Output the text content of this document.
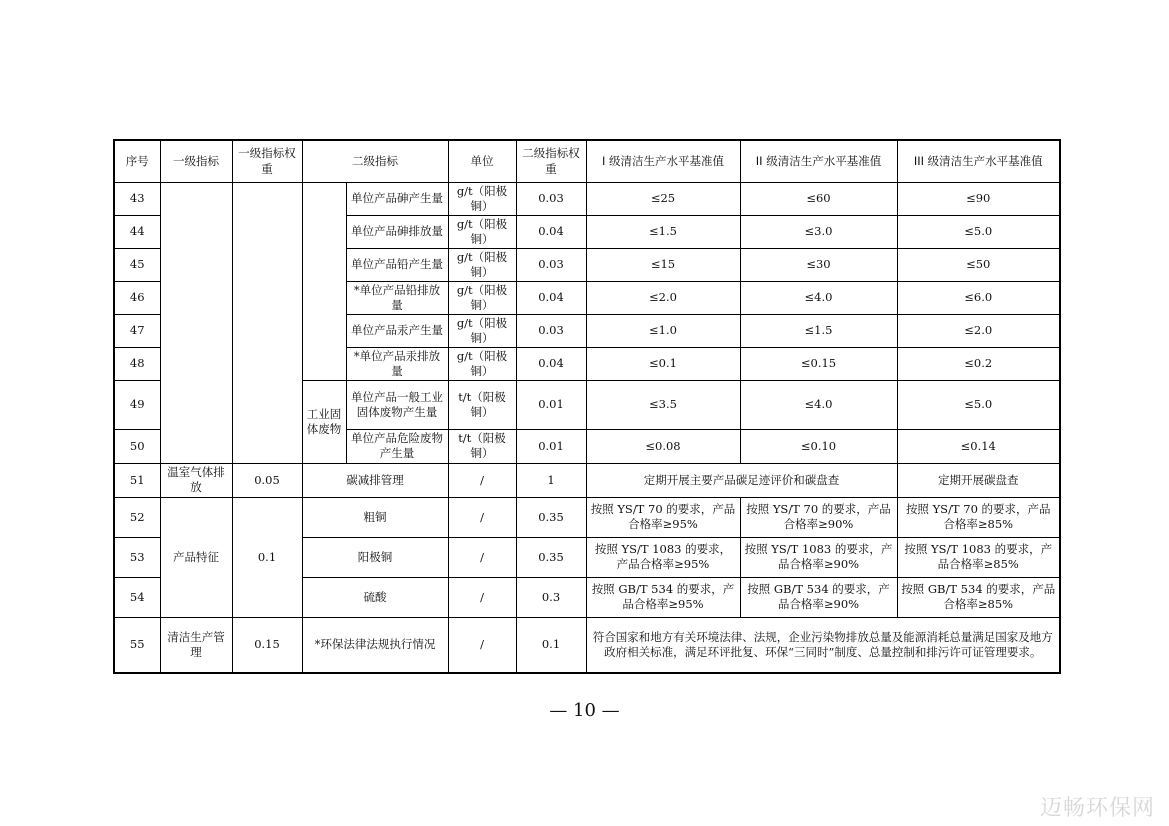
序号	一级指标	一级指标权重	二级指标		单位	二级指标权重	I 级清洁生产水平基准值	II 级清洁生产水平基准值	III 级清洁生产水平基准值
43				单位产品砷产生量	g/t（阳极铜）	0.03	≤25	≤60	≤90
44				单位产品砷排放量	g/t（阳极铜）	0.04	≤1.5	≤3.0	≤5.0
45				单位产品铅产生量	g/t（阳极铜）	0.03	≤15	≤30	≤50
46				*单位产品铅排放量	g/t（阳极铜）	0.04	≤2.0	≤4.0	≤6.0
47				单位产品汞产生量	g/t（阳极铜）	0.03	≤1.0	≤1.5	≤2.0
48				*单位产品汞排放量	g/t（阳极铜）	0.04	≤0.1	≤0.15	≤0.2
49			工业固体废物	单位产品一般工业固体废物产生量	t/t（阳极铜）	0.01	≤3.5	≤4.0	≤5.0
50				单位产品危险废物产生量	t/t（阳极铜）	0.01	≤0.08	≤0.10	≤0.14
51	温室气体排放	0.05	碳减排管理		/	1	定期开展主要产品碳足迹评价和碳盘查		定期开展碳盘查
52	产品特征	0.1	粗铜		/	0.35	按照 YS/T 70 的要求，产品合格率≥95%	按照 YS/T 70 的要求，产品合格率≥90%	按照 YS/T 70 的要求，产品合格率≥85%
53			阳极铜		/	0.35	按照 YS/T 1083 的要求，产品合格率≥95%	按照 YS/T 1083 的要求，产品合格率≥90%	按照 YS/T 1083 的要求，产品合格率≥85%
54			硫酸		/	0.3	按照 GB/T 534 的要求，产品合格率≥95%	按照 GB/T 534 的要求，产品合格率≥90%	按照 GB/T 534 的要求，产品合格率≥85%
55	清洁生产管理	0.15	*环保法律法规执行情况		/	0.1	符合国家和地方有关环境法律、法规，企业污染物排放总量及能源消耗总量满足国家及地方政府相关标准，满足环评批复、环保“三同时”制度、总量控制和排污许可证管理要求。		
— 10 —
迈畅环保网
